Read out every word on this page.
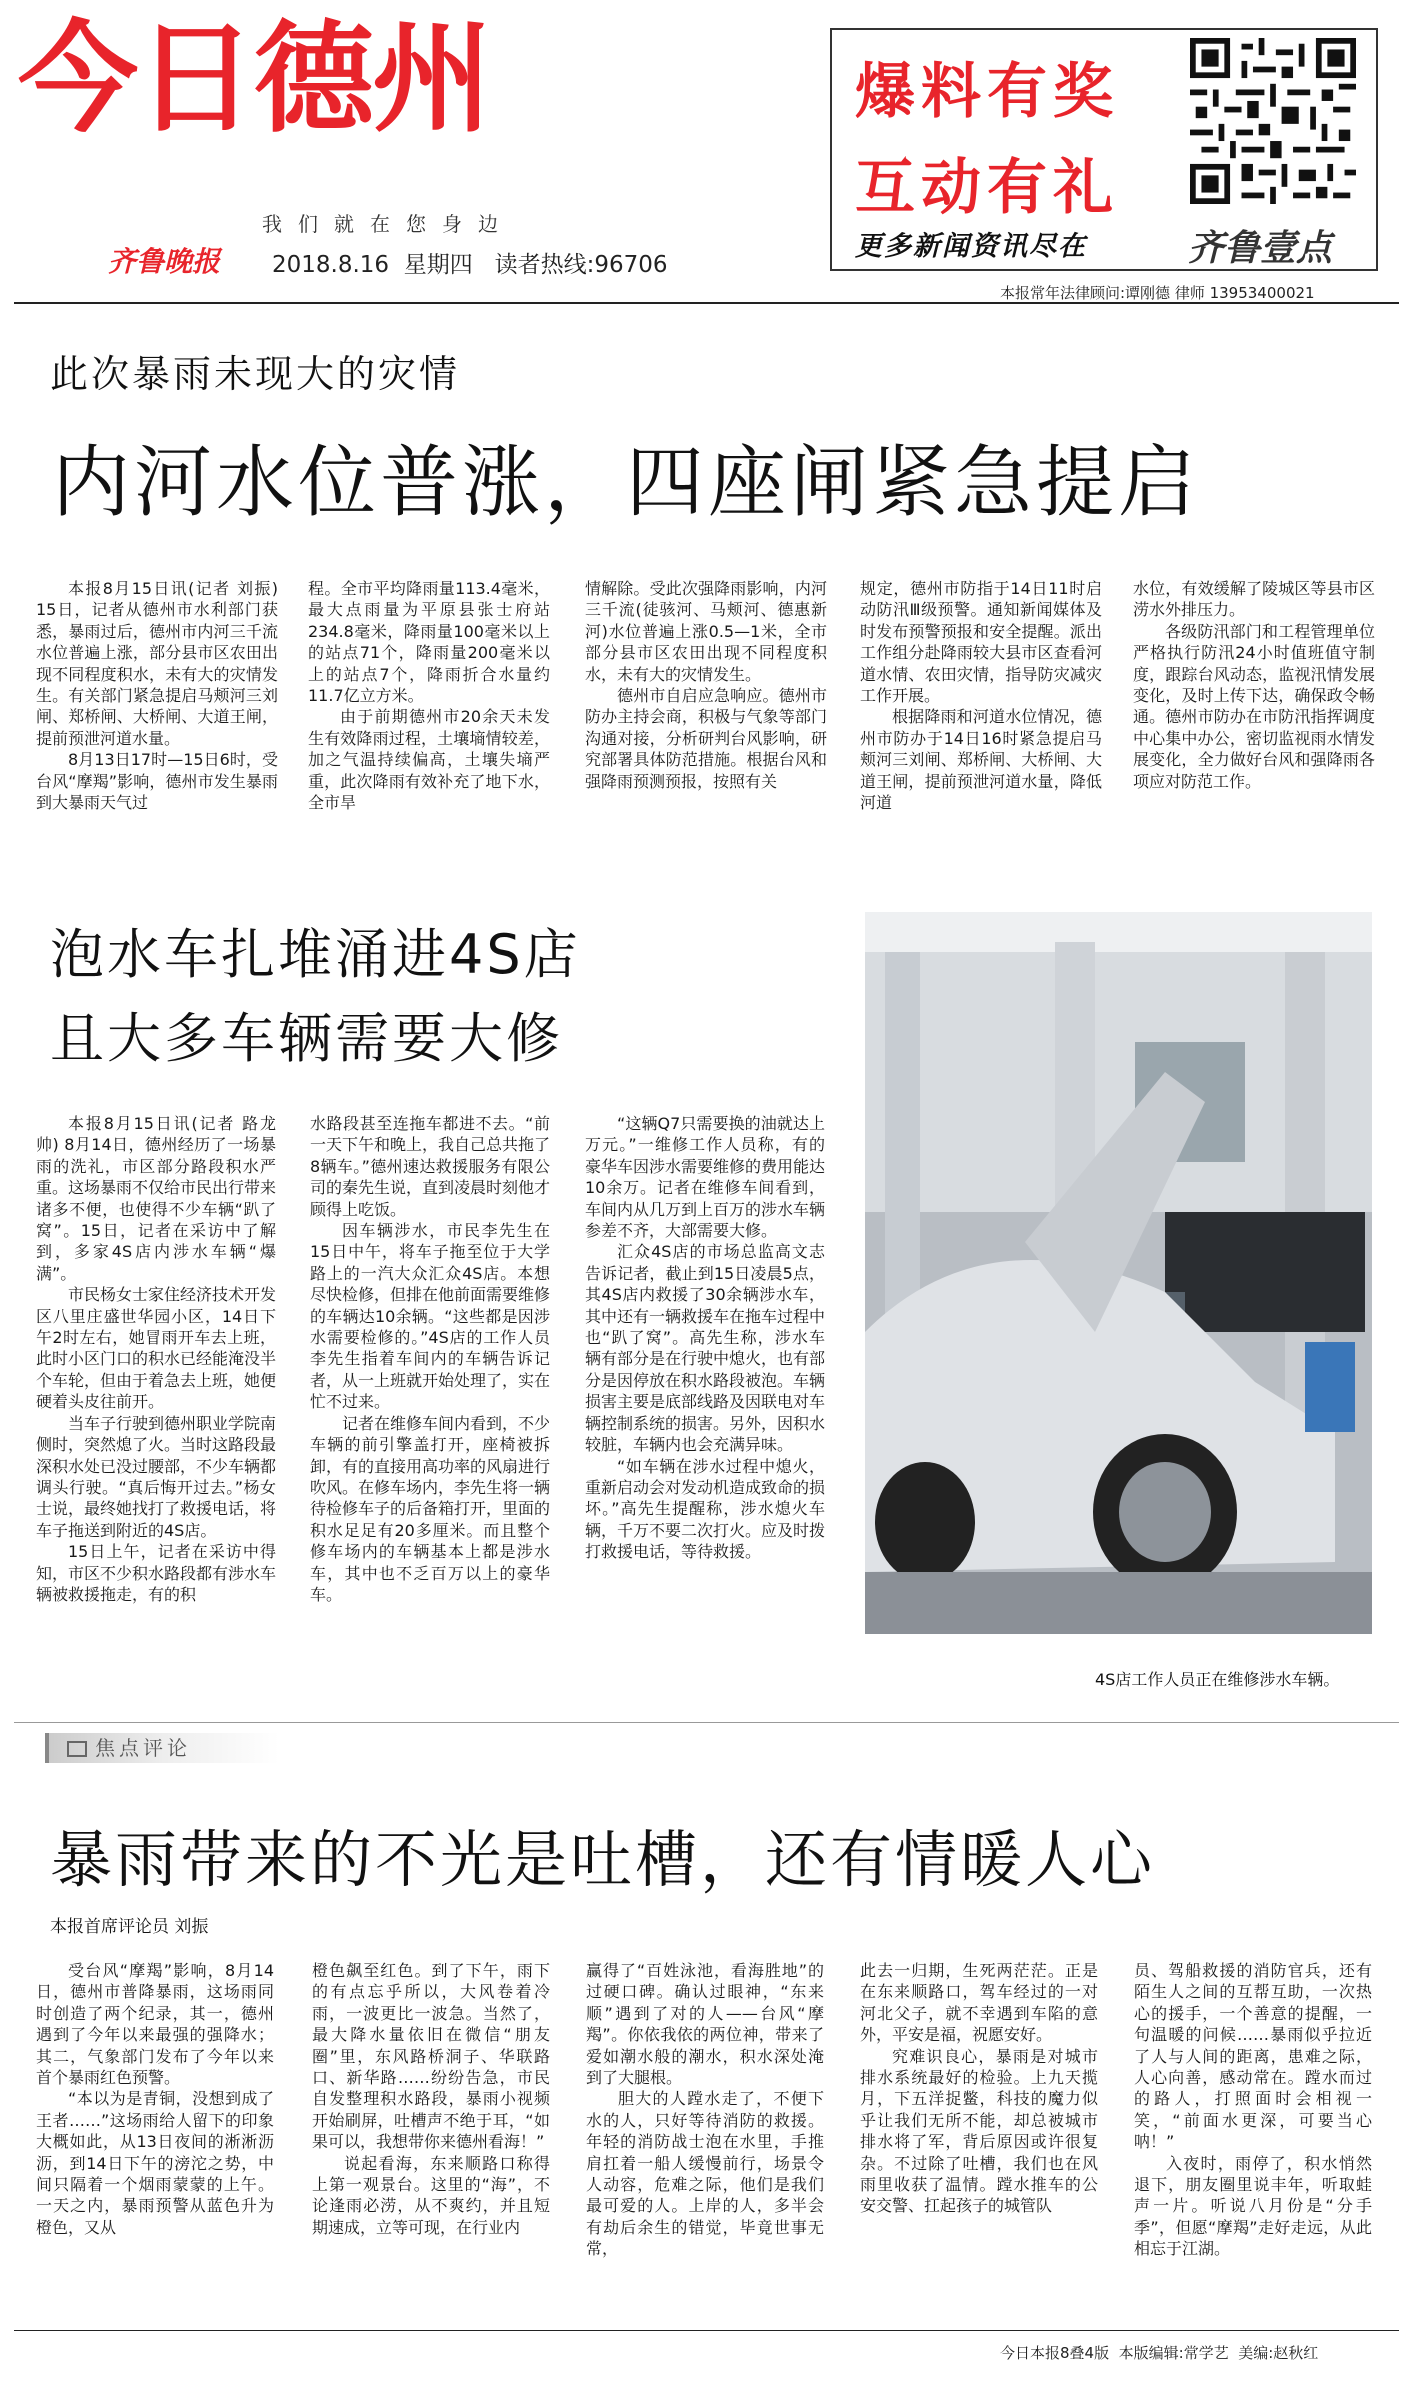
今日德州
我们就在您身边
齐鲁晚报 2018.8.16 星期四 读者热线:96706
爆料有奖
互动有礼
更多新闻资讯尽在	齐鲁壹点
本报常年法律顾问:谭刚德 律师 13953400021
此次暴雨未现大的灾情
内河水位普涨，四座闸紧急提启

本报8月15日讯(记者 刘振) 15日，记者从德州市水利部门获悉，暴雨过后，德州市内河三千流水位普遍上涨，部分县市区农田出现不同程度积水，未有大的灾情发生。有关部门紧急提启马颊河三刘闸、郑桥闸、大桥闸、大道王闸，提前预泄河道水量。

8月13日17时—15日6时，受台风“摩羯”影响，德州市发生暴雨到大暴雨天气过

程。全市平均降雨量113.4毫米，最大点雨量为平原县张士府站234.8毫米，降雨量100毫米以上的站点71个，降雨量200毫米以上的站点7个，降雨折合水量约11.7亿立方米。

由于前期德州市20余天未发生有效降雨过程，土壤墒情较差，加之气温持续偏高，土壤失墒严重，此次降雨有效补充了地下水，全市旱

情解除。受此次强降雨影响，内河三千流(徒骇河、马颊河、德惠新河)水位普遍上涨0.5—1米，全市部分县市区农田出现不同程度积水，未有大的灾情发生。

德州市自启应急响应。德州市防办主持会商，积极与气象等部门沟通对接，分析研判台风影响，研究部署具体防范措施。根据台风和强降雨预测预报，按照有关

规定，德州市防指于14日11时启动防汛Ⅲ级预警。通知新闻媒体及时发布预警预报和安全提醒。派出工作组分赴降雨较大县市区查看河道水情、农田灾情，指导防灾减灾工作开展。

根据降雨和河道水位情况，德州市防办于14日16时紧急提启马颊河三刘闸、郑桥闸、大桥闸、大道王闸，提前预泄河道水量，降低河道

水位，有效缓解了陵城区等县市区涝水外排压力。

各级防汛部门和工程管理单位严格执行防汛24小时值班值守制度，跟踪台风动态，监视汛情发展变化，及时上传下达，确保政令畅通。德州市防办在市防汛指挥调度中心集中办公，密切监视雨水情发展变化，全力做好台风和强降雨各项应对防范工作。

泡水车扎堆涌进4S店
且大多车辆需要大修

本报8月15日讯(记者 路龙帅) 8月14日，德州经历了一场暴雨的洗礼，市区部分路段积水严重。这场暴雨不仅给市民出行带来诸多不便，也使得不少车辆“趴了窝”。15日，记者在采访中了解到，多家4S店内涉水车辆“爆满”。

市民杨女士家住经济技术开发区八里庄盛世华园小区，14日下午2时左右，她冒雨开车去上班，此时小区门口的积水已经能淹没半个车轮，但由于着急去上班，她便硬着头皮往前开。

当车子行驶到德州职业学院南侧时，突然熄了火。当时这路段最深积水处已没过腰部，不少车辆都调头行驶。“真后悔开过去。”杨女士说，最终她找打了救援电话，将车子拖送到附近的4S店。

15日上午，记者在采访中得知，市区不少积水路段都有涉水车辆被救援拖走，有的积

水路段甚至连拖车都进不去。“前一天下午和晚上，我自己总共拖了8辆车。”德州速达救援服务有限公司的秦先生说，直到凌晨时刻他才顾得上吃饭。

因车辆涉水，市民李先生在15日中午，将车子拖至位于大学路上的一汽大众汇众4S店。本想尽快检修，但排在他前面需要维修的车辆达10余辆。“这些都是因涉水需要检修的。”4S店的工作人员李先生指着车间内的车辆告诉记者，从一上班就开始处理了，实在忙不过来。

记者在维修车间内看到，不少车辆的前引擎盖打开，座椅被拆卸，有的直接用高功率的风扇进行吹风。在修车场内，李先生将一辆待检修车子的后备箱打开，里面的积水足足有20多厘米。而且整个修车场内的车辆基本上都是涉水车，其中也不乏百万以上的豪华车。

“这辆Q7只需要换的油就达上万元。”一维修工作人员称，有的豪华车因涉水需要维修的费用能达10余万。记者在维修车间看到，车间内从几万到上百万的涉水车辆参差不齐，大部需要大修。

汇众4S店的市场总监高文志告诉记者，截止到15日凌晨5点，其4S店内救援了30余辆涉水车，其中还有一辆救援车在拖车过程中也“趴了窝”。高先生称，涉水车辆有部分是在行驶中熄火，也有部分是因停放在积水路段被泡。车辆损害主要是底部线路及因联电对车辆控制系统的损害。另外，因积水较脏，车辆内也会充满异味。

“如车辆在涉水过程中熄火，重新启动会对发动机造成致命的损坏。”高先生提醒称，涉水熄火车辆，千万不要二次打火。应及时拨打救援电话，等待救援。

4S店工作人员正在维修涉水车辆。
焦点评论
暴雨带来的不光是吐槽，还有情暖人心
本报首席评论员 刘振

受台风“摩羯”影响，8月14日，德州市普降暴雨，这场雨同时创造了两个纪录，其一，德州遇到了今年以来最强的强降水；其二，气象部门发布了今年以来首个暴雨红色预警。

“本以为是青铜，没想到成了王者……”这场雨给人留下的印象大概如此，从13日夜间的淅淅沥沥，到14日下午的滂沱之势，中间只隔着一个烟雨蒙蒙的上午。一天之内，暴雨预警从蓝色升为橙色，又从

橙色飙至红色。到了下午，雨下的有点忘乎所以，大风卷着冷雨，一波更比一波急。当然了，最大降水量依旧在微信“朋友圈”里，东风路桥洞子、华联路口、新华路……纷纷告急，市民自发整理积水路段，暴雨小视频开始刷屏，吐槽声不绝于耳，“如果可以，我想带你来德州看海！”

说起看海，东来顺路口称得上第一观景台。这里的“海”，不论逢雨必涝，从不爽约，并且短期速成，立等可现，在行业内

赢得了“百姓泳池，看海胜地”的过硬口碑。确认过眼神，“东来顺”遇到了对的人——台风“摩羯”。你依我依的两位神，带来了爱如潮水般的潮水，积水深处淹到了大腿根。

胆大的人蹚水走了，不便下水的人，只好等待消防的救援。年轻的消防战士泡在水里，手推肩扛着一船人缓慢前行，场景令人动容，危难之际，他们是我们最可爱的人。上岸的人，多半会有劫后余生的错觉，毕竟世事无常，

此去一归期，生死两茫茫。正是在东来顺路口，驾车经过的一对河北父子，就不幸遇到车陷的意外，平安是福，祝愿安好。

究难识良心，暴雨是对城市排水系统最好的检验。上九天揽月，下五洋捉鳖，科技的魔力似乎让我们无所不能，却总被城市排水将了军，背后原因或许很复杂。不过除了吐槽，我们也在风雨里收获了温情。蹚水推车的公安交警、扛起孩子的城管队

员、驾船救援的消防官兵，还有陌生人之间的互帮互助，一次热心的援手，一个善意的提醒，一句温暖的问候……暴雨似乎拉近了人与人间的距离，患难之际，人心向善，感动常在。蹚水而过的路人，打照面时会相视一笑，“前面水更深，可要当心呐！”

入夜时，雨停了，积水悄然退下，朋友圈里说丰年，听取蛙声一片。听说八月份是“分手季”，但愿“摩羯”走好走远，从此相忘于江湖。

今日本报8叠4版 本版编辑:常学艺 美编:赵秋红
